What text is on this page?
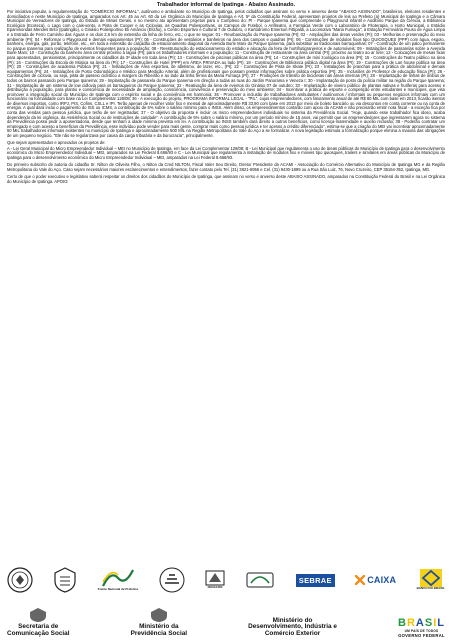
Trabalhador informal de Ipatinga - Abaixo Assinado.

Por iniciativa popular, a regulamentação do "COMÉRCIO INFORMAL", autônomo e ambulante no Município de Ipatinga, pelos cidadãos que assinam no verso e anverso deste "ABAIXO ASSINADO", brasileiros, eleitores residentes e domiciliados e neste Município de Ipatinga, amparados nos Art. 45 ao Art. 60 da Lei Orgânica do Município de Ipatinga e Art. 5º da Constituição Federal, apresentam projetos de leis ao Prefeito (a) Municipal de Ipatinga e a Câmara Municipal de Vereadores de Ipatinga, do Estado de Minas Gerais, e no mesmo ato apresentam projetos para o Complexo do: PI - Parque Ipanema que compreende o Playground infantil e Auditório Parque da Ciência, a Biblioteca Ecológica (Ecoteca), o Lago com o cais-vento, a Pista de Cooper e as Ciclovias, as Quadras Poliesportivas, os Campos de Futebol, o Anfiteatro, a Farmácia Verde com o Laboratório de Fitoterapia, o Horto Municipal, o Estádio Epaminondas Mendes Brito (Ipatingão), o Ginásio Poliesportivo Eli Amâncio (Elizão), o Centro Esportivo e Cultural 7 de Outubro, o Kartódromo Emerson Fittipaldi, a Locomotiva "Maria Fumaça", a Estação Ferroviária Pouso de Água Limpa e a Estrada de Ferro Caminho das Águas e os dois 2,6 km de extensão da linha de ferro, etc.; o que se segue: 01 - Reurbanização do Parque Ipanema (PI); 02 - Ampliações das áreas verdes (PI); 03 - Melhorias e preservação do meio ambiente (PI); 04 - Reformar o Playground e demais equipamentos (PI); 05 - Construções de vestiários e banheiros na área dos campos e quadras (PI); 06 - Construções de módulos fixos tipo QUIOSQUES (PPP) com água, esgoto, banheiro, energia, gás, porão, telefone, etc., em toda a extensão do calçadão de estacionamento diagonal da Avenida Burle Marx do Parque Ipanema, para substituir as tradicionais barraquinhas; 07 - Construção de um palco permanente no parque Ipanema para realização de eventos frequentes para a população; 08 - Reestruturação do estacionamento do estádio e alocação da feira de hortifrutigranjeiros e de automóveis; 09 - Instalações de passarelas sobre a Avenida Burle Marx; 10 - Construção do banheiro área central próximo à lagoa (PI); para os trabalhadores informais e a população; 11 - Construção de restaurante na área central (PI); próximo ao teatro ao ar livre; 12 - Colocações de mesas fixas para aposentados, pensionistas, principalmente os cidadãos da 3ª idade em toda área (PI); 13 - Construções de piscinas públicas na área (PI); 14 - Construções de mini zoológico na área (PI); 15 - Construções do Teatro público na área (PI); 16 - Construções da Escola de Música na área do (PI); 17 - Construções de Hotel (PPP) em ÁREA PRIVADA ao lado (PI); 18 - Construções de Biblioteca pública digital na área (PI); 19 - Construções de Lan house pública na área (PI); 20 - Construções de academia Pública (PI); 21 - Instalações de Área esportiva, de atletismo, de lazer, etc., (PI); 22 - Construções de Pista de Skate (PI); 23 - Instalações de pranchas para a prática de abdominal e demais equipamentos (PI); 24 - Instalações de Posto Odontológico e Médico para Medição Arterial, além de profissionais que possam prestar informações sobre prática esportiva (PI); 25 - Inclusões de Professor de educação física (PI); 26 - Construções de ciclovia, ou seja, pista de passeio ciclístico a margem do Ribeirão e ao lado da linha férrea da Maria Fumaça (PI); 27 - Proibições de trânsito de bicicletas nas áreas internas (PI); 28 - Implantação de linhas de ônibus de todos os bairros passando pelo Parque Ipanema; 29 - Implantação de passarela do Parque Ipanema em direção a todas as ruas do Jardim Panorama e Veneza I; 30 - Implantação de posto da polícia militar na região do Parque Ipanema; 31 - Implantação de um sistema de low cidlovia para os barraqueiros do Parque Ipanema; 32 - Reativação da área de eventos do Ginásio 07 de outubro; 33 - Implantação de viveiro público de plantas nativas e frutíferas para acesso e distribuição à população, para plantio e consciência de necessidade de ampliação, consciência, convivência e preservação do meio ambiente; 34 - Incentivar a prática de esporte e competição entre estudantes e munícipes, que visa promover a integração social do Município de Ipatinga com o espírito social e da convivência em harmonia; 35 - Promover a inclusão de trabalhadores ambulantes / autônomos / informais ou pequenos negócios informais com um funcionário na formalidade com base na Lei Complementar 128/08; 36 - A execução do projeto, PROGRAMA INFORMAL LEGAL - "PIL", cujos empreendedores, com faturamento anual de até R$ 60 MIL com base em 2013, ficarão isentos de diversos impostos, como IRPJ, PIS, Cofins, CSLL e IPI. Terão apenas de recolher valor fixo e mensal de aproximadamente R$ 33,90 com base em 2013 por meio de boleto bancário ou via descontos em conta corrente ou na conta de energia. A qual dará inclui o pagamento do ISS ou ICMS, a contribuição de 5% sobre o salário mínimo para o INSS. Além disso, os empreendimentos contarão com apoio da ACAMI e não precisarão emitir nota fiscal - a exceção fica por conta das vendas para pessoa jurídica, que terão de ser registradas; 37 - O objetivo da proposta é incluir os micro empreendedores individuais no sistema da Previdência Social. "Hoje, quando esse trabalhador fica idoso, acaba dependendo da lei orgânica, da Assistência Social ou de instituições de caridade". A contribuição de 5% sobre o salário mínimo, por um período mínimo de 15 anos, vai permitir que os empreendedores que ingressarem agora no sistema da Previdência possa pedir a aposentadoria, desde que tenham a idade mínima prevista em lei. A contribuição ao INSS também dará direito a outros benefícios, como licença-maternidade e auxílio reclusão; 38 - Poderão contratar um empregado e com acesso a benefícios da Previdência, esse indivíduo pode vender para mais gente, comprar mais como pessoa jurídica e ter acesso a crédito diferenciado", estima-se que a criação do MEI vai incentivar aproximadamente 50 MIL trabalhadores informais existentes no município de Ipatinga e aproximadamente 500 MIL na Região Metropolitana do Vale do Aço a se formalizar. A nova legislação estimula a formalização porque elimina a maioria das obrigações de um pequeno negócio. "Ele não se regularizava por causa da carga tributária e da burocracia", principalmente.

Que sejam apresentados e aprovados os projetos de:

A - Lei Geral Municipal do Micro Empreendedor Individual – MEI no Município de Ipatinga, em face da Lei Complementar 128/08; B - Lei Municipal que regulamenta o uso de áreas públicas do Município de Ipatinga para o desenvolvimento econômico do Micro Empreendedor Individual – MEI, amparados na Lei Federal 8.666/93 e C - Lei Municipal que regulamenta a instalação de módulos fixo e móveis tipo quiosques, trailers e similares em áreas públicas do Município de Ipatinga para o desenvolvimento econômico do Micro Empreendedor Individual – MEI, amparados na Lei Federal 8.666/93.

Do primeiro subscrito de autoria do cidadão Sr. Nilton de Oliveira Filho, o Nilton da Cred NILTON, Fiscal Valer Seu Direito, Diretor Presidente da ACAMI - Associação do Comércio Alternativo do Município de Ipatinga MG e da Região Metropolitana do Vale do Aço. Caso sejam necessários maiores esclarecimentos e entendimentos, fazer contato pelo Tel. (31) 3821-6956 e Cel. (31) 9430-1899 ou a Rua São Luiz, 76, Novo Cruzeiro, CEP 35164-352, Ipatinga, MG.

Certo de que o poder executivo e legislativo saberá respeitar os direitos dos cidadãos do Município de Ipatinga, que assinam no verso e anverso deste ABAIXO ASSINADO, amparados na Constituição Federal do Brasil e na Lei Orgânica do Município de Ipatinga. APOIO:

Frente Nacional de Prefeitos	FENACON
SEBRAE	CAIXA
BANCO DO BRASIL
Secretaria de
Comunicação Social
Ministério da
Previdência Social
Ministério do
Desenvolvimento, Indústria e
Comércio Exterior
BRASIL
UM PAÍS DE TODOS
GOVERNO FEDERAL
